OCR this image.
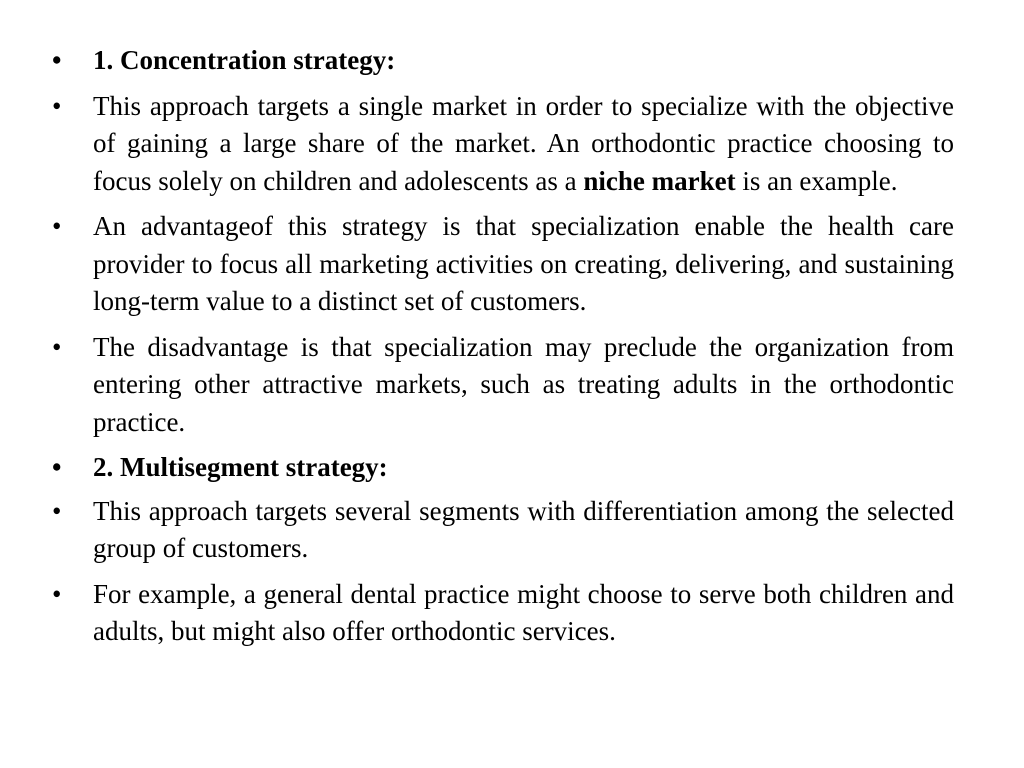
•	1. Concentration strategy:
•	This approach targets a single market in order to specialize with the objective of gaining a large share of the market. An orthodontic practice choosing to focus solely on children and adolescents as a niche market is an example.
•	An advantageof this strategy is that specialization enable the health care provider to focus all marketing activities on creating, delivering, and sustaining long-term value to a distinct set of customers.
•	The disadvantage is that specialization may preclude the organization from entering other attractive markets, such as treating adults in the orthodontic practice.
•	2. Multisegment strategy:
•	This approach targets several segments with differentiation among the selected group of customers.
•	For example, a general dental practice might choose to serve both children and adults, but might also offer orthodontic services.
